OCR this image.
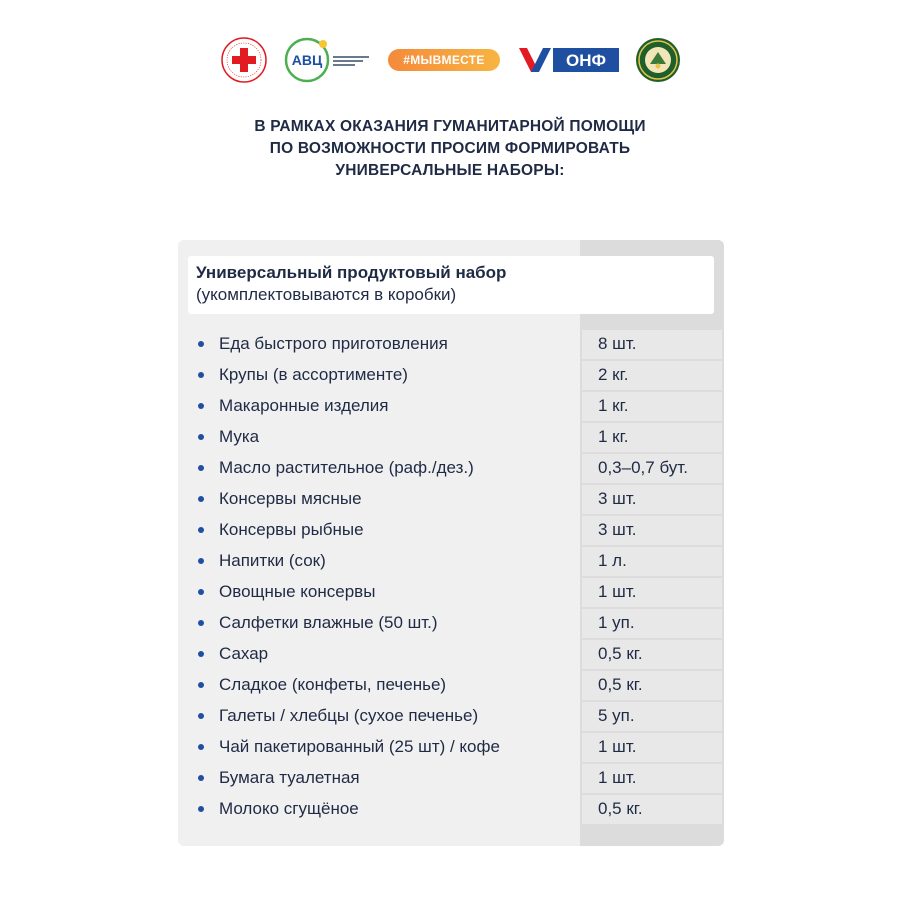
АВЦ	#МЫВМЕСТЕ	ОНФ
В РАМКАХ ОКАЗАНИЯ ГУМАНИТАРНОЙ ПОМОЩИ
ПО ВОЗМОЖНОСТИ ПРОСИМ ФОРМИРОВАТЬ
УНИВЕРСАЛЬНЫЕ НАБОРЫ:
Универсальный продуктовый набор
(укомплектовываются в коробки)
Еда быстрого приготовления	8 шт.
Крупы (в ассортименте)	2 кг.
Макаронные изделия	1 кг.
Мука	1 кг.
Масло растительное (раф./дез.)	0,3–0,7 бут.
Консервы мясные	3 шт.
Консервы рыбные	3 шт.
Напитки (сок)	1 л.
Овощные консервы	1 шт.
Салфетки влажные (50 шт.)	1 уп.
Сахар	0,5 кг.
Сладкое (конфеты, печенье)	0,5 кг.
Галеты / хлебцы (сухое печенье)	5 уп.
Чай пакетированный (25 шт) / кофе	1 шт.
Бумага туалетная	1 шт.
Молоко сгущёное	0,5 кг.
